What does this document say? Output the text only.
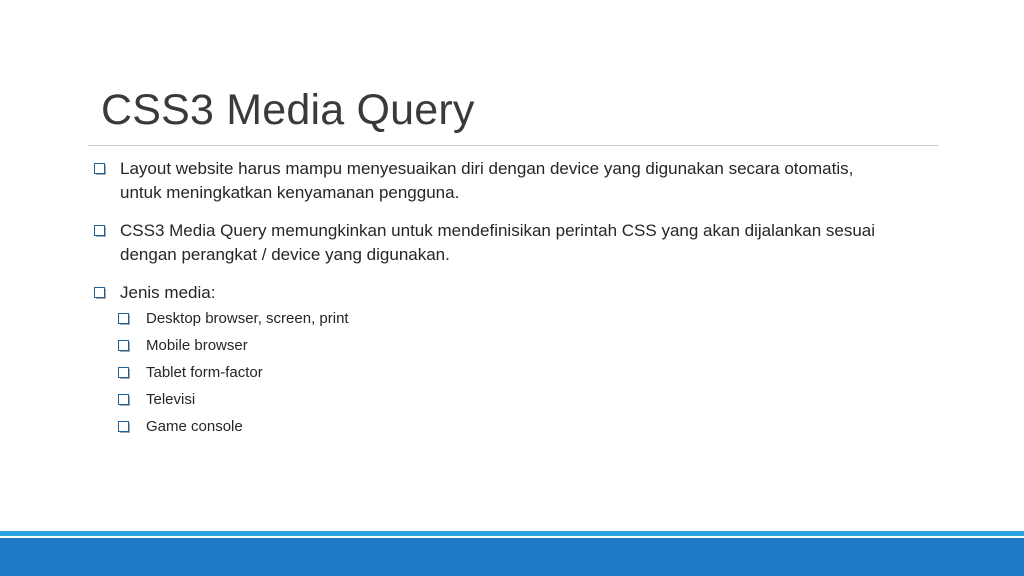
CSS3 Media Query
Layout website harus mampu menyesuaikan diri dengan device yang digunakan secara otomatis, untuk meningkatkan kenyamanan pengguna.
CSS3 Media Query memungkinkan untuk mendefinisikan perintah CSS yang akan dijalankan sesuai dengan perangkat / device yang digunakan.
Jenis media:
Desktop browser, screen, print
Mobile browser
Tablet form-factor
Televisi
Game console
